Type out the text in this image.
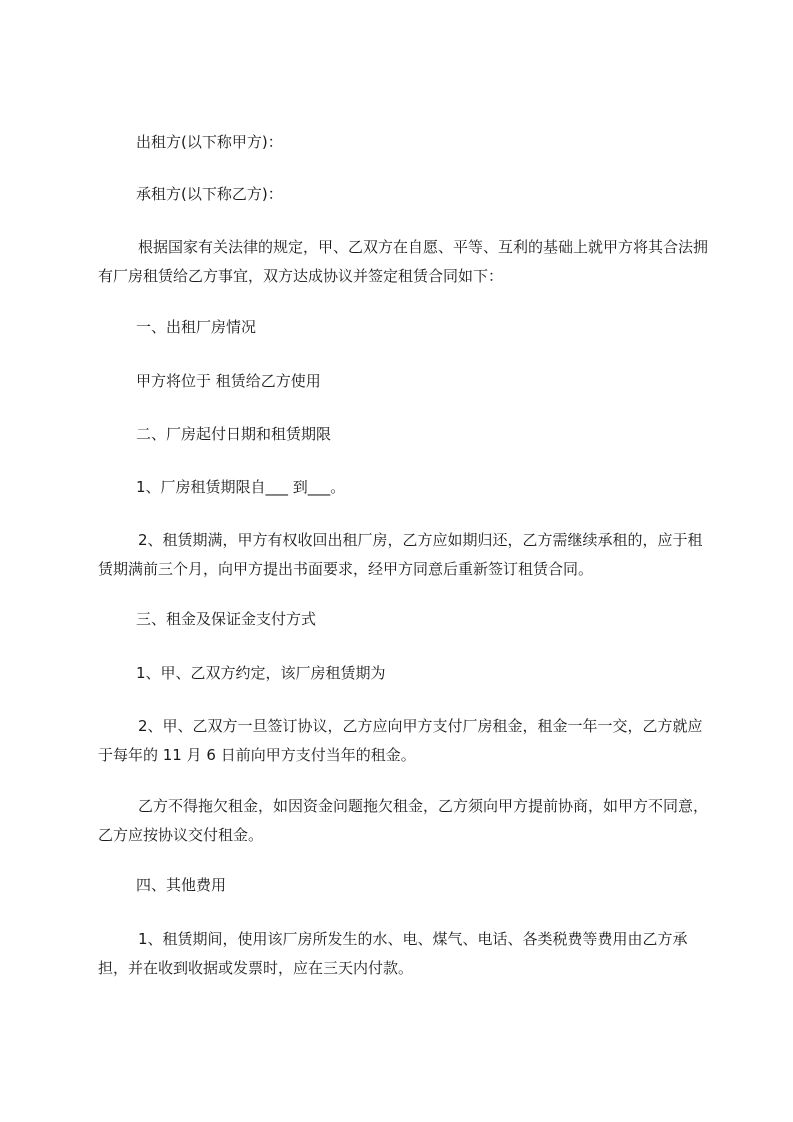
出租方(以下称甲方)：

承租方(以下称乙方)：

根据国家有关法律的规定，甲、乙双方在自愿、平等、互利的基础上就甲方将其合法拥有厂房租赁给乙方事宜，双方达成协议并签定租赁合同如下：

一、出租厂房情况

甲方将位于 租赁给乙方使用

二、厂房起付日期和租赁期限

1、厂房租赁期限自___ 到___。

2、租赁期满，甲方有权收回出租厂房，乙方应如期归还，乙方需继续承租的，应于租赁期满前三个月，向甲方提出书面要求，经甲方同意后重新签订租赁合同。

三、租金及保证金支付方式

1、甲、乙双方约定，该厂房租赁期为

2、甲、乙双方一旦签订协议，乙方应向甲方支付厂房租金，租金一年一交，乙方就应于每年的 11 月 6 日前向甲方支付当年的租金。

乙方不得拖欠租金，如因资金问题拖欠租金，乙方须向甲方提前协商，如甲方不同意，乙方应按协议交付租金。

四、其他费用

1、租赁期间，使用该厂房所发生的水、电、煤气、电话、各类税费等费用由乙方承担，并在收到收据或发票时，应在三天内付款。
